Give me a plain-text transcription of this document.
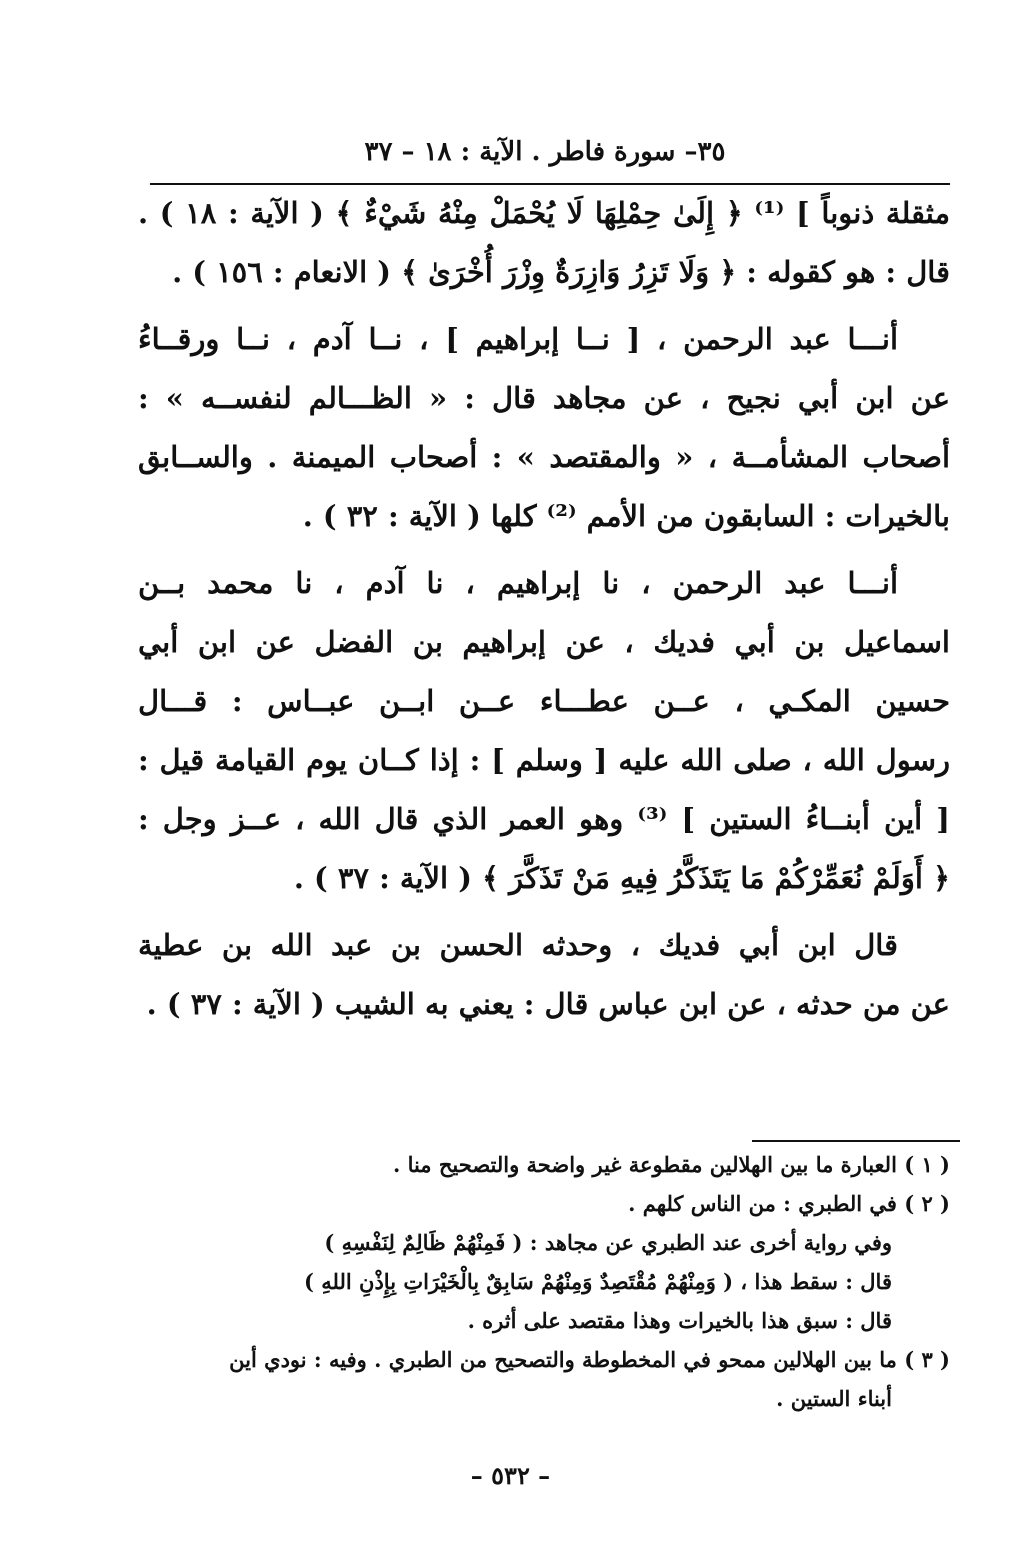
٣٥– سورة فاطر . الآية : ١٨ – ٣٧
مثقلة ذنوباً ] ⁽¹⁾ ﴿ إِلَىٰ حِمْلِهَا لَا يُحْمَلْ مِنْهُ شَيْءٌ ﴾ ( الآية : ١٨ ) .
قال : هو كقوله : ﴿ وَلَا تَزِرُ وَازِرَةٌ وِزْرَ أُخْرَىٰ ﴾ ( الانعام : ١٥٦ ) .
أنـــا عبد الرحمن ، [ نــا إبراهيم ] ، نــا آدم ، نــا ورقــاءُ
عن ابن أبي نجيح ، عن مجاهد قال : « الظـــالم لنفســه » :
أصحاب المشأمــة ، « والمقتصد » : أصحاب الميمنة . والســابق
بالخيرات : السابقون من الأمم ⁽²⁾ كلها ( الآية : ٣٢ ) .
أنـــا عبد الرحمن ، نا إبراهيم ، نا آدم ، نا محمد بــن
اسماعيل بن أبي فديك ، عن إبراهيم بن الفضل عن ابن أبي
حسين المكـي ، عــن عطـــاء عــن ابــن عبــاس : قـــال
رسول الله ، صلى الله عليه [ وسلم ] : إذا كــان يوم القيامة قيل :
[ أين أبنــاءُ الستين ] ⁽³⁾ وهو العمر الذي قال الله ، عــز وجل :
﴿ أَوَلَمْ نُعَمِّرْكُمْ مَا يَتَذَكَّرُ فِيهِ مَنْ تَذَكَّرَ ﴾ ( الآية : ٣٧ ) .
قال ابن أبي فديك ، وحدثه الحسن بن عبد الله بن عطية
عن من حدثه ، عن ابن عباس قال : يعني به الشيب ( الآية : ٣٧ ) .
( ١ ) العبارة ما بين الهلالين مقطوعة غير واضحة والتصحيح منا .
( ٢ ) في الطبري : من الناس كلهم .
وفي رواية أخرى عند الطبري عن مجاهد : ( فَمِنْهُمْ ظَالِمٌ لِنَفْسِهِ )
قال : سقط هذا ، ( وَمِنْهُمْ مُقْتَصِدٌ وَمِنْهُمْ سَابِقٌ بِالْخَيْرَاتِ بِإِذْنِ اللهِ )
قال : سبق هذا بالخيرات وهذا مقتصد على أثره .
( ٣ ) ما بين الهلالين ممحو في المخطوطة والتصحيح من الطبري . وفيه : نودي أين
أبناء الستين .
– ٥٣٢ –
